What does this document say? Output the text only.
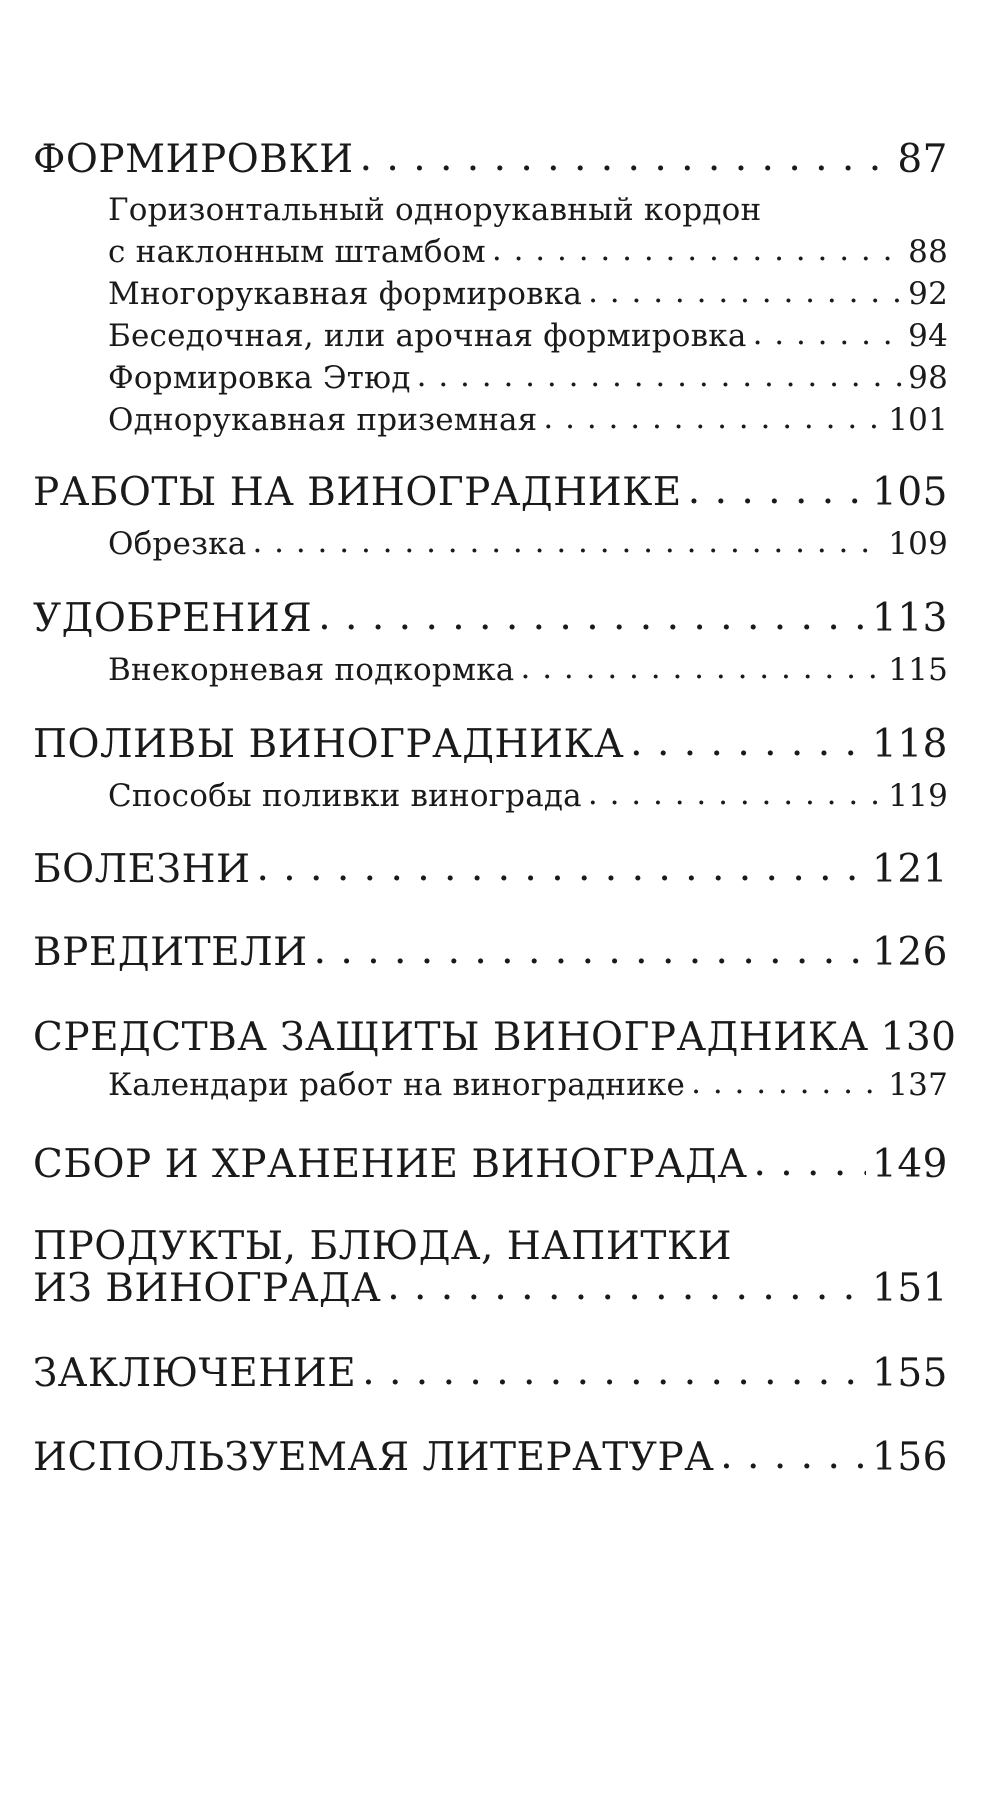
ФОРМИРОВКИ . . .	87
Горизонтальный однорукавный кордон
с наклонным штамбом . . .	88
Многорукавная формировка . . .	92
Беседочная, или арочная формировка . . .	94
Формировка Этюд . . .	98
Однорукавная приземная . . .	101
РАБОТЫ НА ВИНОГРАДНИКЕ . . .	105
Обрезка . . .	109
УДОБРЕНИЯ . . .	113
Внекорневая подкормка . . .	115
ПОЛИВЫ ВИНОГРАДНИКА . . .	118
Способы поливки винограда . . .	119
БОЛЕЗНИ . . .	121
ВРЕДИТЕЛИ . . .	126
СРЕДСТВА ЗАЩИТЫ ВИНОГРАДНИКА 130
Календари работ на винограднике . . .	137
СБОР И ХРАНЕНИЕ ВИНОГРАДА . . .	149
ПРОДУКТЫ, БЛЮДА, НАПИТКИ
ИЗ ВИНОГРАДА . . .	151
ЗАКЛЮЧЕНИЕ . . .	155
ИСПОЛЬЗУЕМАЯ ЛИТЕРАТУРА . . .	156
